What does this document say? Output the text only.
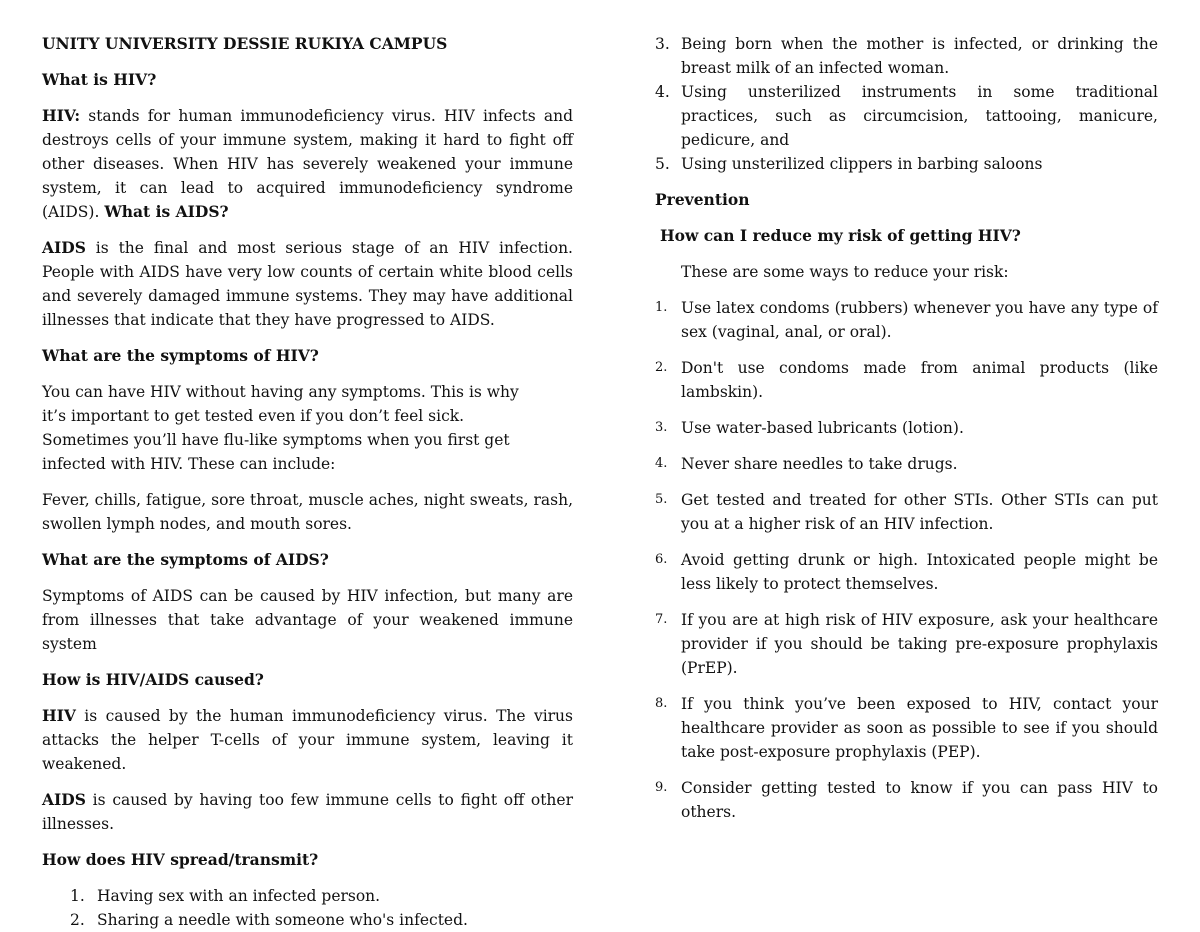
UNITY UNIVERSITY DESSIE RUKIYA CAMPUS
What is HIV?

HIV: stands for human immunodeficiency virus. HIV infects and destroys cells of your immune system, making it hard to fight off other diseases. When HIV has severely weakened your immune system, it can lead to acquired immunodeficiency syndrome (AIDS). What is AIDS?

AIDS is the final and most serious stage of an HIV infection. People with AIDS have very low counts of certain white blood cells and severely damaged immune systems. They may have additional illnesses that indicate that they have progressed to AIDS.

What are the symptoms of HIV?

You can have HIV without having any symptoms. This is why it’s important to get tested even if you don’t feel sick. Sometimes you’ll have flu-like symptoms when you first get infected with HIV. These can include:

Fever, chills, fatigue, sore throat, muscle aches, night sweats, rash, swollen lymph nodes, and mouth sores.

What are the symptoms of AIDS?

Symptoms of AIDS can be caused by HIV infection, but many are from illnesses that take advantage of your weakened immune system

How is HIV/AIDS caused?

HIV is caused by the human immunodeficiency virus. The virus attacks the helper T-cells of your immune system, leaving it weakened.

AIDS is caused by having too few immune cells to fight off other illnesses.

How does HIV spread/transmit?
1. Having sex with an infected person.
2. Sharing a needle with someone who's infected.
3. Being born when the mother is infected, or drinking the breast milk of an infected woman.
4. Using unsterilized instruments in some traditional practices, such as circumcision, tattooing, manicure, pedicure, and
5. Using unsterilized clippers in barbing saloons
Prevention
How can I reduce my risk of getting HIV?

These are some ways to reduce your risk:

1. Use latex condoms (rubbers) whenever you have any type of sex (vaginal, anal, or oral).
2. Don't use condoms made from animal products (like lambskin).
3. Use water-based lubricants (lotion).
4. Never share needles to take drugs.
5. Get tested and treated for other STIs. Other STIs can put you at a higher risk of an HIV infection.
6. Avoid getting drunk or high. Intoxicated people might be less likely to protect themselves.
7. If you are at high risk of HIV exposure, ask your healthcare provider if you should be taking pre-exposure prophylaxis (PrEP).
8. If you think you’ve been exposed to HIV, contact your healthcare provider as soon as possible to see if you should take post-exposure prophylaxis (PEP).
9. Consider getting tested to know if you can pass HIV to others.
